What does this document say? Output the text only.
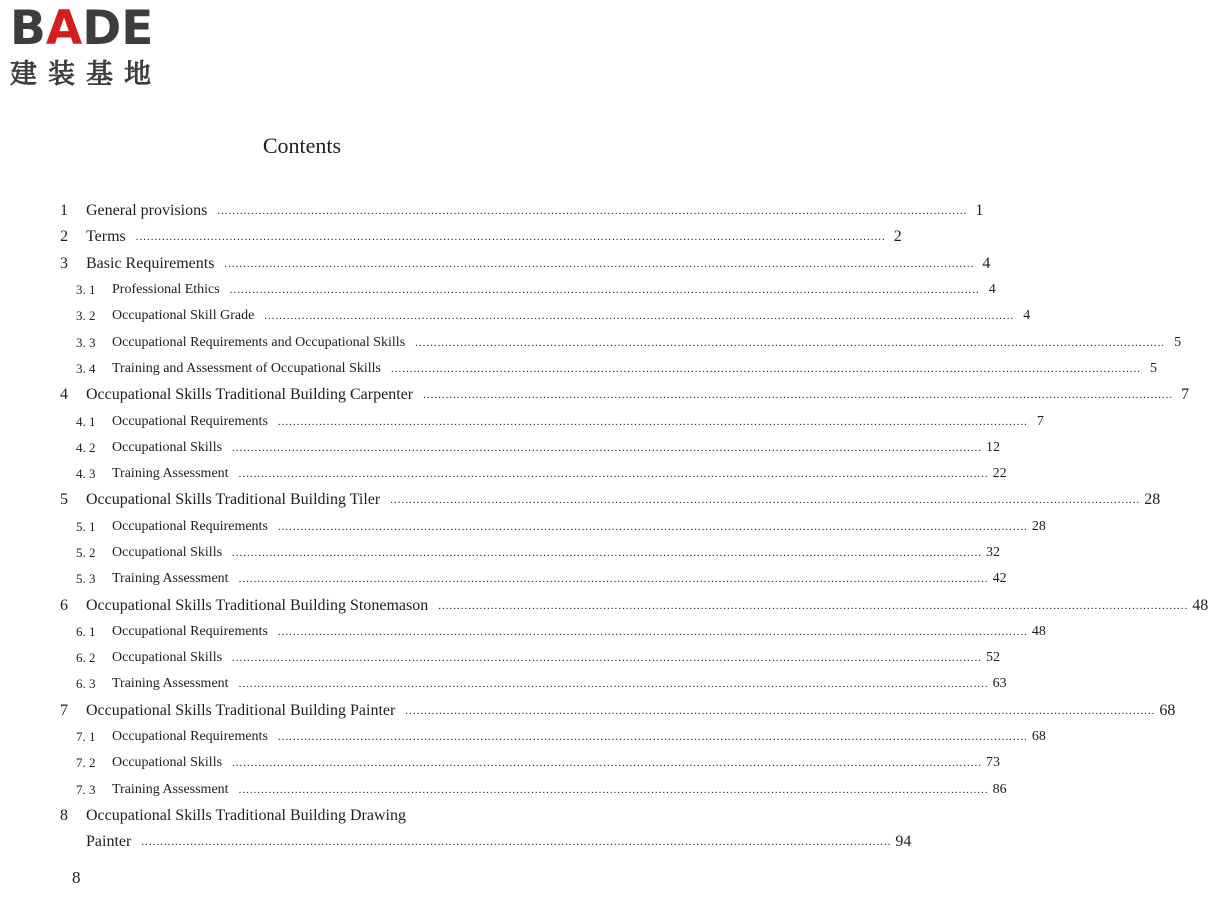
BADE
建装基地
Contents
1	General provisions ........................................................................................................................................................................................................ 1
2	Terms ........................................................................................................................................................................................................ 2
3	Basic Requirements ........................................................................................................................................................................................................ 4
3. 1	Professional Ethics ........................................................................................................................................................................................................ 4
3. 2	Occupational Skill Grade ........................................................................................................................................................................................................ 4
3. 3	Occupational Requirements and Occupational Skills ........................................................................................................................................................................................................ 5
3. 4	Training and Assessment of Occupational Skills ........................................................................................................................................................................................................ 5
4	Occupational Skills Traditional Building Carpenter ........................................................................................................................................................................................................ 7
4. 1	Occupational Requirements ........................................................................................................................................................................................................ 7
4. 2	Occupational Skills ........................................................................................................................................................................................................ 12
4. 3	Training Assessment ........................................................................................................................................................................................................ 22
5	Occupational Skills Traditional Building Tiler ........................................................................................................................................................................................................ 28
5. 1	Occupational Requirements ........................................................................................................................................................................................................ 28
5. 2	Occupational Skills ........................................................................................................................................................................................................ 32
5. 3	Training Assessment ........................................................................................................................................................................................................ 42
6	Occupational Skills Traditional Building Stonemason ........................................................................................................................................................................................................ 48
6. 1	Occupational Requirements ........................................................................................................................................................................................................ 48
6. 2	Occupational Skills ........................................................................................................................................................................................................ 52
6. 3	Training Assessment ........................................................................................................................................................................................................ 63
7	Occupational Skills Traditional Building Painter ........................................................................................................................................................................................................ 68
7. 1	Occupational Requirements ........................................................................................................................................................................................................ 68
7. 2	Occupational Skills ........................................................................................................................................................................................................ 73
7. 3	Training Assessment ........................................................................................................................................................................................................ 86
8	Occupational Skills Traditional Building Drawing
Painter ........................................................................................................................................................................................................ 94
8
